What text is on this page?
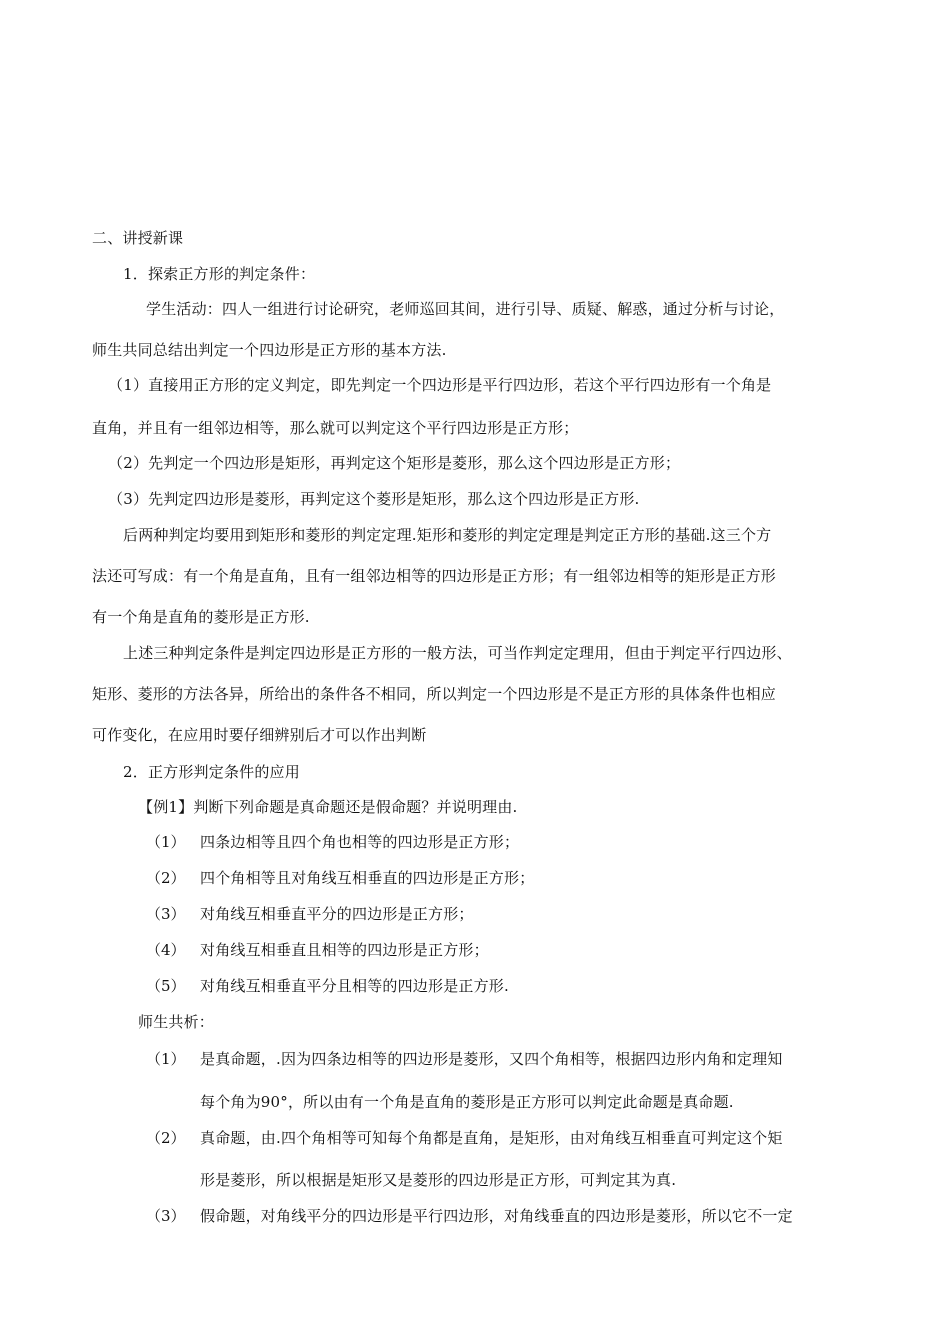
二、讲授新课
1．探索正方形的判定条件：
学生活动：四人一组进行讨论研究，老师巡回其间，进行引导、质疑、解惑，通过分析与讨论，
师生共同总结出判定一个四边形是正方形的基本方法.
（1）直接用正方形的定义判定，即先判定一个四边形是平行四边形，若这个平行四边形有一个角是
直角，并且有一组邻边相等，那么就可以判定这个平行四边形是正方形；
（2）先判定一个四边形是矩形，再判定这个矩形是菱形，那么这个四边形是正方形；
（3）先判定四边形是菱形，再判定这个菱形是矩形，那么这个四边形是正方形.
后两种判定均要用到矩形和菱形的判定定理.矩形和菱形的判定定理是判定正方形的基础.这三个方
法还可写成：有一个角是直角，且有一组邻边相等的四边形是正方形；有一组邻边相等的矩形是正方形
有一个角是直角的菱形是正方形.
上述三种判定条件是判定四边形是正方形的一般方法，可当作判定定理用，但由于判定平行四边形、
矩形、菱形的方法各异，所给出的条件各不相同，所以判定一个四边形是不是正方形的具体条件也相应
可作变化，在应用时要仔细辨别后才可以作出判断
2．正方形判定条件的应用
【例1】判断下列命题是真命题还是假命题？并说明理由.
（1） 四条边相等且四个角也相等的四边形是正方形；
（2） 四个角相等且对角线互相垂直的四边形是正方形；
（3） 对角线互相垂直平分的四边形是正方形；
（4） 对角线互相垂直且相等的四边形是正方形；
（5） 对角线互相垂直平分且相等的四边形是正方形.
师生共析：
（1） 是真命题，.因为四条边相等的四边形是菱形，又四个角相等，根据四边形内角和定理知
每个角为90°，所以由有一个角是直角的菱形是正方形可以判定此命题是真命题.
（2） 真命题，由.四个角相等可知每个角都是直角，是矩形，由对角线互相垂直可判定这个矩
形是菱形，所以根据是矩形又是菱形的四边形是正方形，可判定其为真.
（3） 假命题，对角线平分的四边形是平行四边形，对角线垂直的四边形是菱形，所以它不一定
